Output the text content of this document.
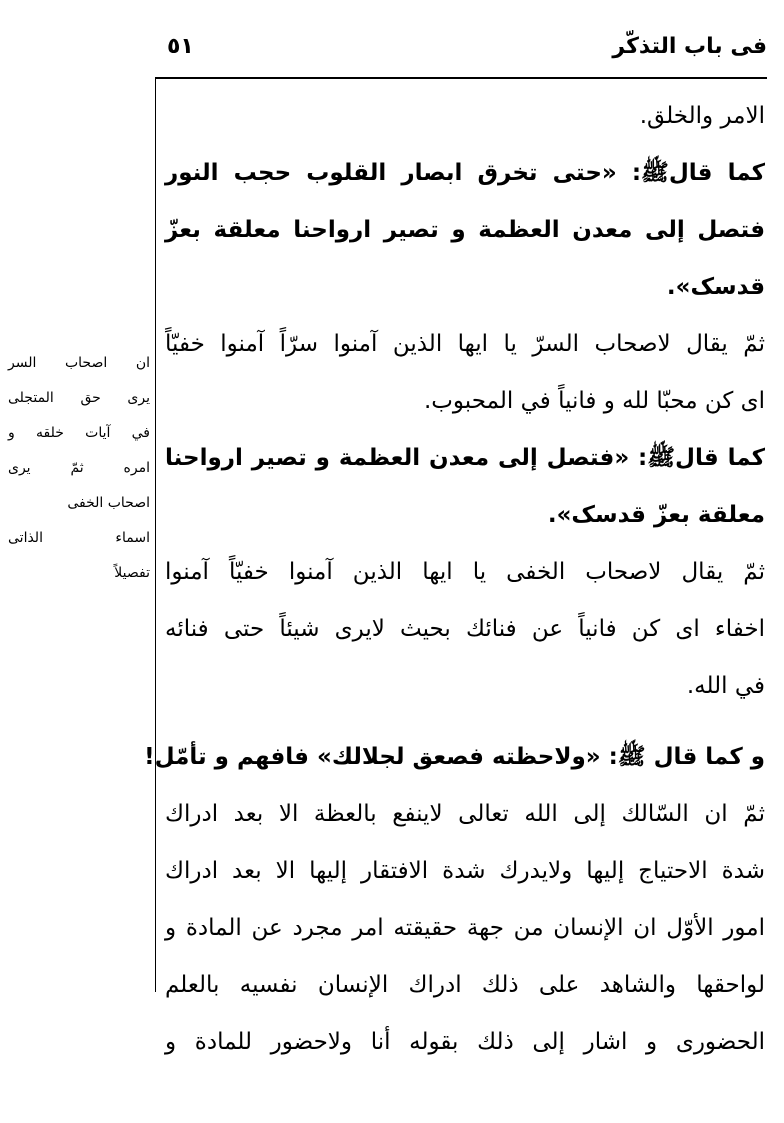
فى باب التذكّر
٥١
الامر والخلق.
كما قالﷺ: «حتى تخرق ابصار القلوب حجب النور
فتصل إلى معدن العظمة و تصير ارواحنا معلقة بعزّ
قدسک».
ثمّ يقال لاصحاب السرّ يا ايها الذين آمنوا سرّاً آمنوا خفيّاً
اى كن محبّا لله و فانياً في المحبوب.
كما قالﷺ: «فتصل إلى معدن العظمة و تصير ارواحنا
معلقة بعزّ قدسک».
ثمّ يقال لاصحاب الخفى يا ايها الذين آمنوا خفيّاً آمنوا
اخفاء اى كن فانياً عن فنائك بحيث لايرى شيئاً حتى فنائه
في الله.
و كما قال ﷺ: «ولاحظته فصعق لجلالك» فافهم و تأمّل!
ثمّ ان السّالك إلى الله تعالى لاينفع بالعظة الا بعد ادراك
شدة الاحتياج إليها ولايدرك شدة الافتقار إليها الا بعد ادراك
امور الأوّل ان الإنسان من جهة حقيقته امر مجرد عن المادة و
لواحقها والشاهد على ذلك ادراك الإنسان نفسيه بالعلم
الحضورى و اشار إلى ذلك بقوله أنا ولاحضور للمادة و
ان اصحاب السر
يرى حق المتجلى
في آيات خلقه و
امره ثمّ يرى
اصحاب الخفى
اسماء الذاتى
تفصيلاً
